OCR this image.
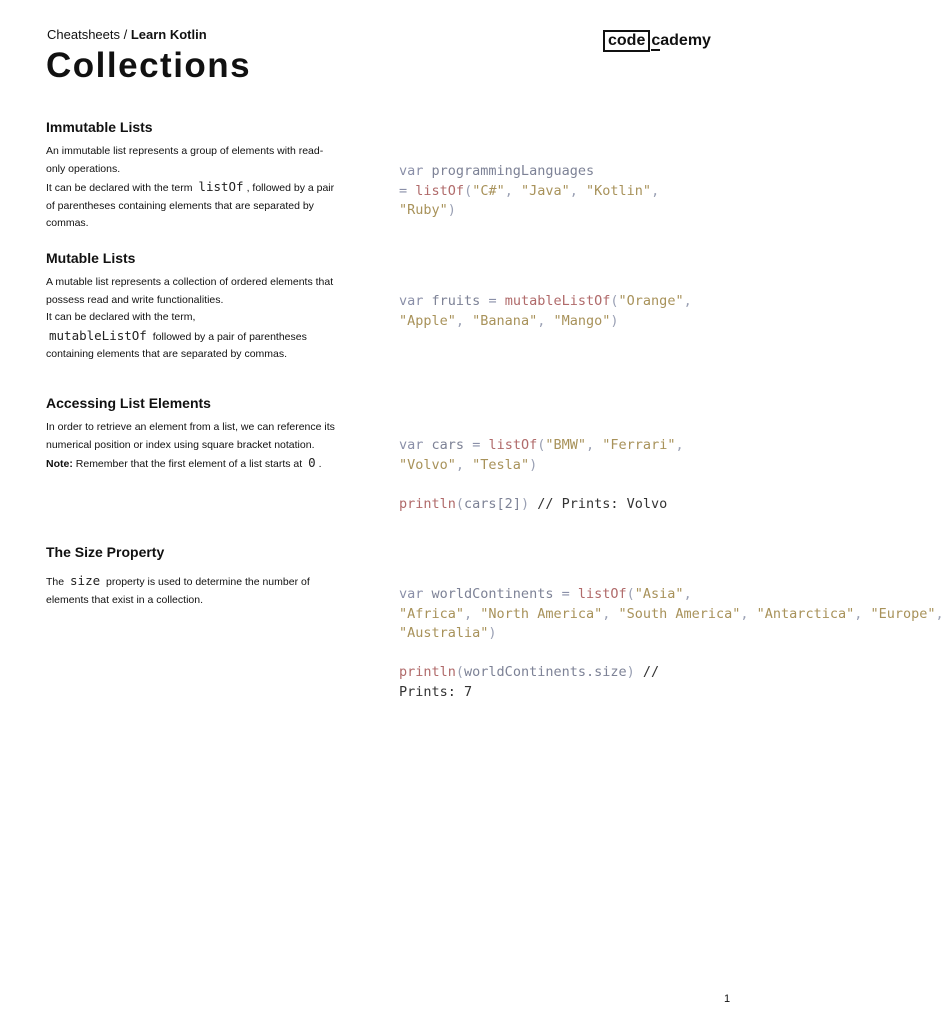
Cheatsheets / Learn Kotlin
Collections
code cademy
Immutable Lists

An immutable list represents a group of elements with read-only operations.

It can be declared with the term listOf , followed by a pair of parentheses containing elements that are separated by commas.

var programmingLanguages
= listOf("C#", "Java", "Kotlin",
"Ruby")
Mutable Lists

A mutable list represents a collection of ordered elements that possess read and write functionalities.

It can be declared with the term,

mutableListOf followed by a pair of parentheses containing elements that are separated by commas.

var fruits = mutableListOf("Orange",
"Apple", "Banana", "Mango")
Accessing List Elements

In order to retrieve an element from a list, we can reference its numerical position or index using square bracket notation.

Note: Remember that the first element of a list starts at 0 .

var cars = listOf("BMW", "Ferrari",
"Volvo", "Tesla")

println(cars[2]) // Prints: Volvo
The Size Property

The size property is used to determine the number of elements that exist in a collection.	var worldContinents = listOf("Asia",
"Africa", "North America", "South America", "Antarctica", "Europe",
"Australia")

println(worldContinents.size) //
Prints: 7
1
